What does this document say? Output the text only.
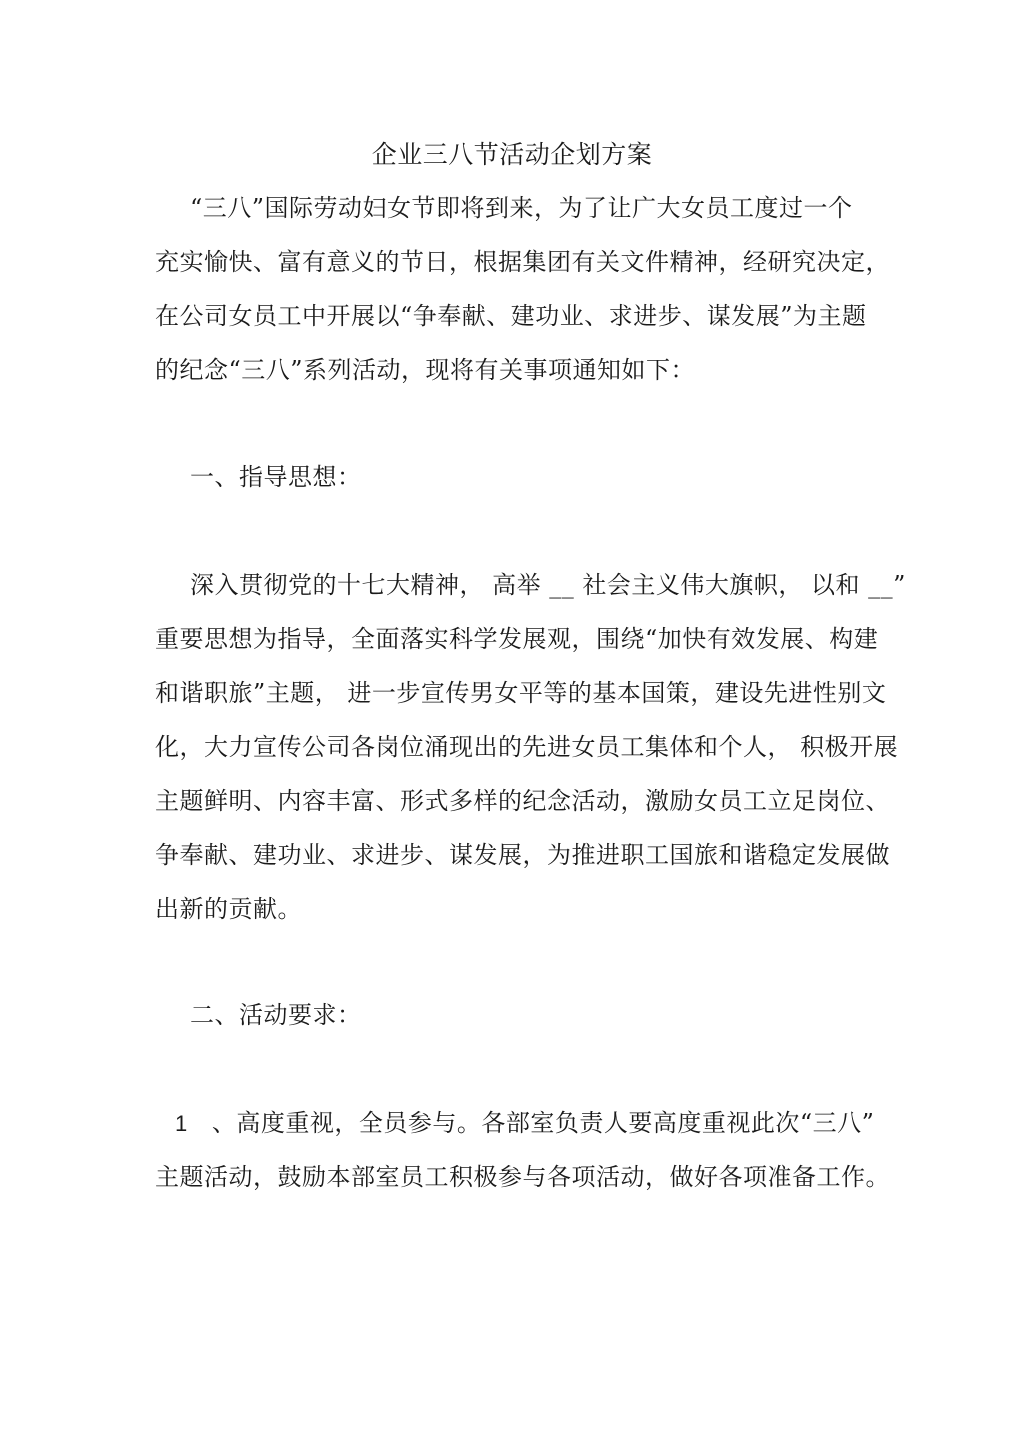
企业三八节活动企划方案
“三八”国际劳动妇女节即将到来，为了让广大女员工度过一个
充实愉快、富有意义的节日，根据集团有关文件精神，经研究决定，
在公司女员工中开展以“争奉献、建功业、求进步、谋发展”为主题
的纪念“三八”系列活动，现将有关事项通知如下：
一、指导思想：
深入贯彻党的十七大精神， 高举 __ 社会主义伟大旗帜， 以和 __”
重要思想为指导，全面落实科学发展观，围绕“加快有效发展、构建
和谐职旅”主题， 进一步宣传男女平等的基本国策，建设先进性别文
化，大力宣传公司各岗位涌现出的先进女员工集体和个人， 积极开展
主题鲜明、内容丰富、形式多样的纪念活动，激励女员工立足岗位、
争奉献、建功业、求进步、谋发展，为推进职工国旅和谐稳定发展做
出新的贡献。
二、活动要求：
1 、高度重视，全员参与。各部室负责人要高度重视此次“三八”
主题活动，鼓励本部室员工积极参与各项活动，做好各项准备工作。
